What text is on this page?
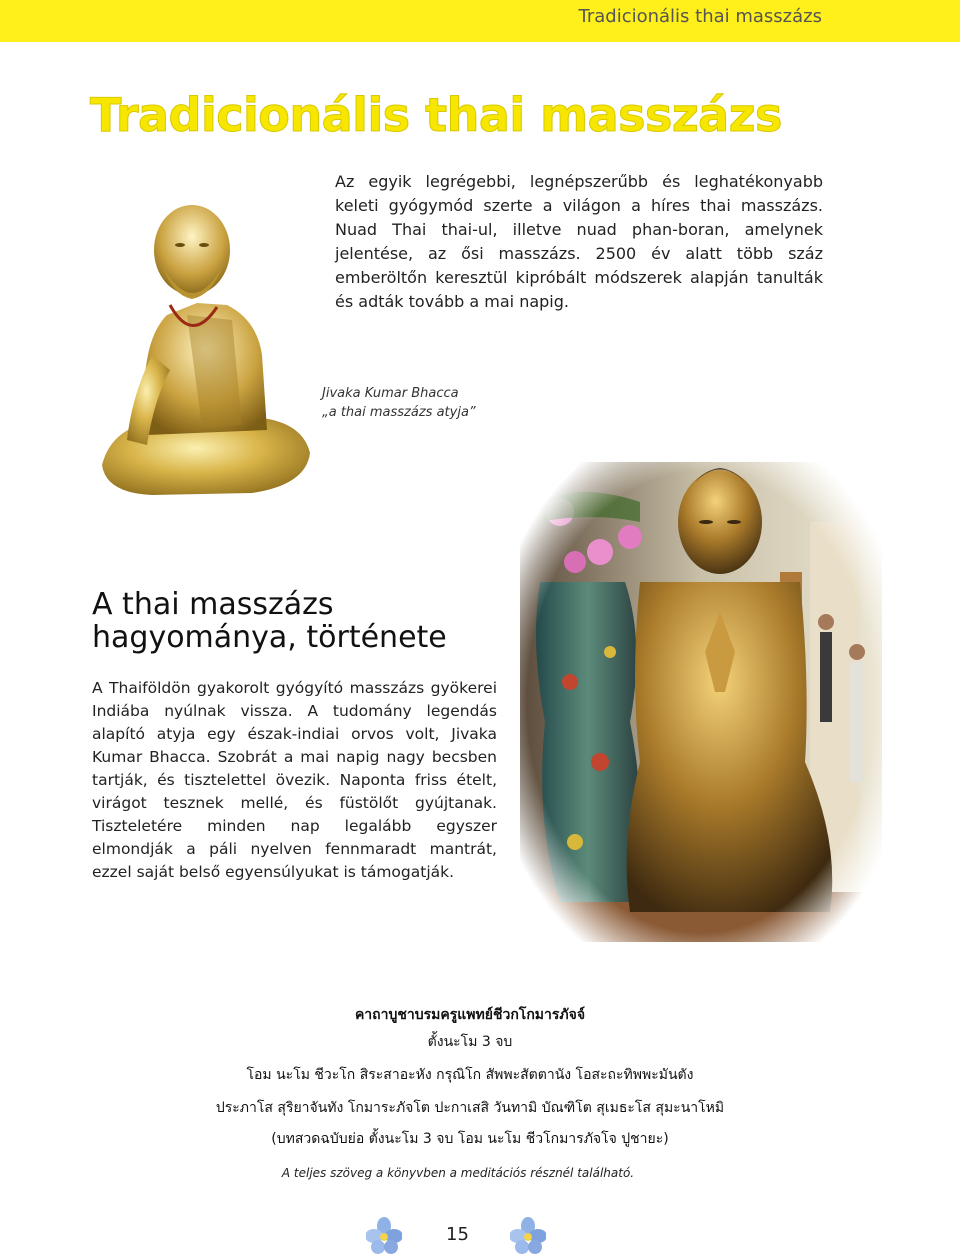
Tradicionális thai masszázs
Tradicionális thai masszázs

Az egyik legrégebbi, legnépszerűbb és leghatékonyabb keleti gyógymód szerte a világon a híres thai masszázs. Nuad Thai thai-ul, illetve nuad phan-boran, amelynek jelentése, az ősi masszázs. 2500 év alatt több száz emberöltőn keresztül kipróbált módszerek alapján tanulták és adták tovább a mai napig.

Jivaka Kumar Bhacca
„a thai masszázs atyja”
A thai masszázs
hagyománya, története

A Thaiföldön gyakorolt gyógyító masszázs gyökerei Indiába nyúlnak vissza. A tudomány legendás alapító atyja egy észak-indiai orvos volt, Jivaka Kumar Bhacca. Szobrát a mai napig nagy becsben tartják, és tisztelettel övezik. Naponta friss ételt, virágot tesznek mellé, és füstölőt gyújtanak. Tiszteletére minden nap legalább egyszer elmondják a páli nyelven fennmaradt mantrát, ezzel saját belső egyensúlyukat is támogatják.

คาถาบูชาบรมครูแพทย์ชีวกโกมารภัจจ์
ตั้งนะโม 3 จบ
โอม นะโม ชีวะโก สิระสาอะหัง กรุณิโก สัพพะสัตตานัง โอสะถะทิพพะมันตัง
ประภาโส สุริยาจันทัง โกมาระภัจโต ปะกาเสสิ วันทามิ บัณฑิโต สุเมธะโส สุมะนาโหมิ
(บทสวดฉบับย่อ ตั้งนะโม 3 จบ โอม นะโม ชีวโกมารภัจโจ ปูชายะ)
A teljes szöveg a könyvben a meditációs résznél található.
15
